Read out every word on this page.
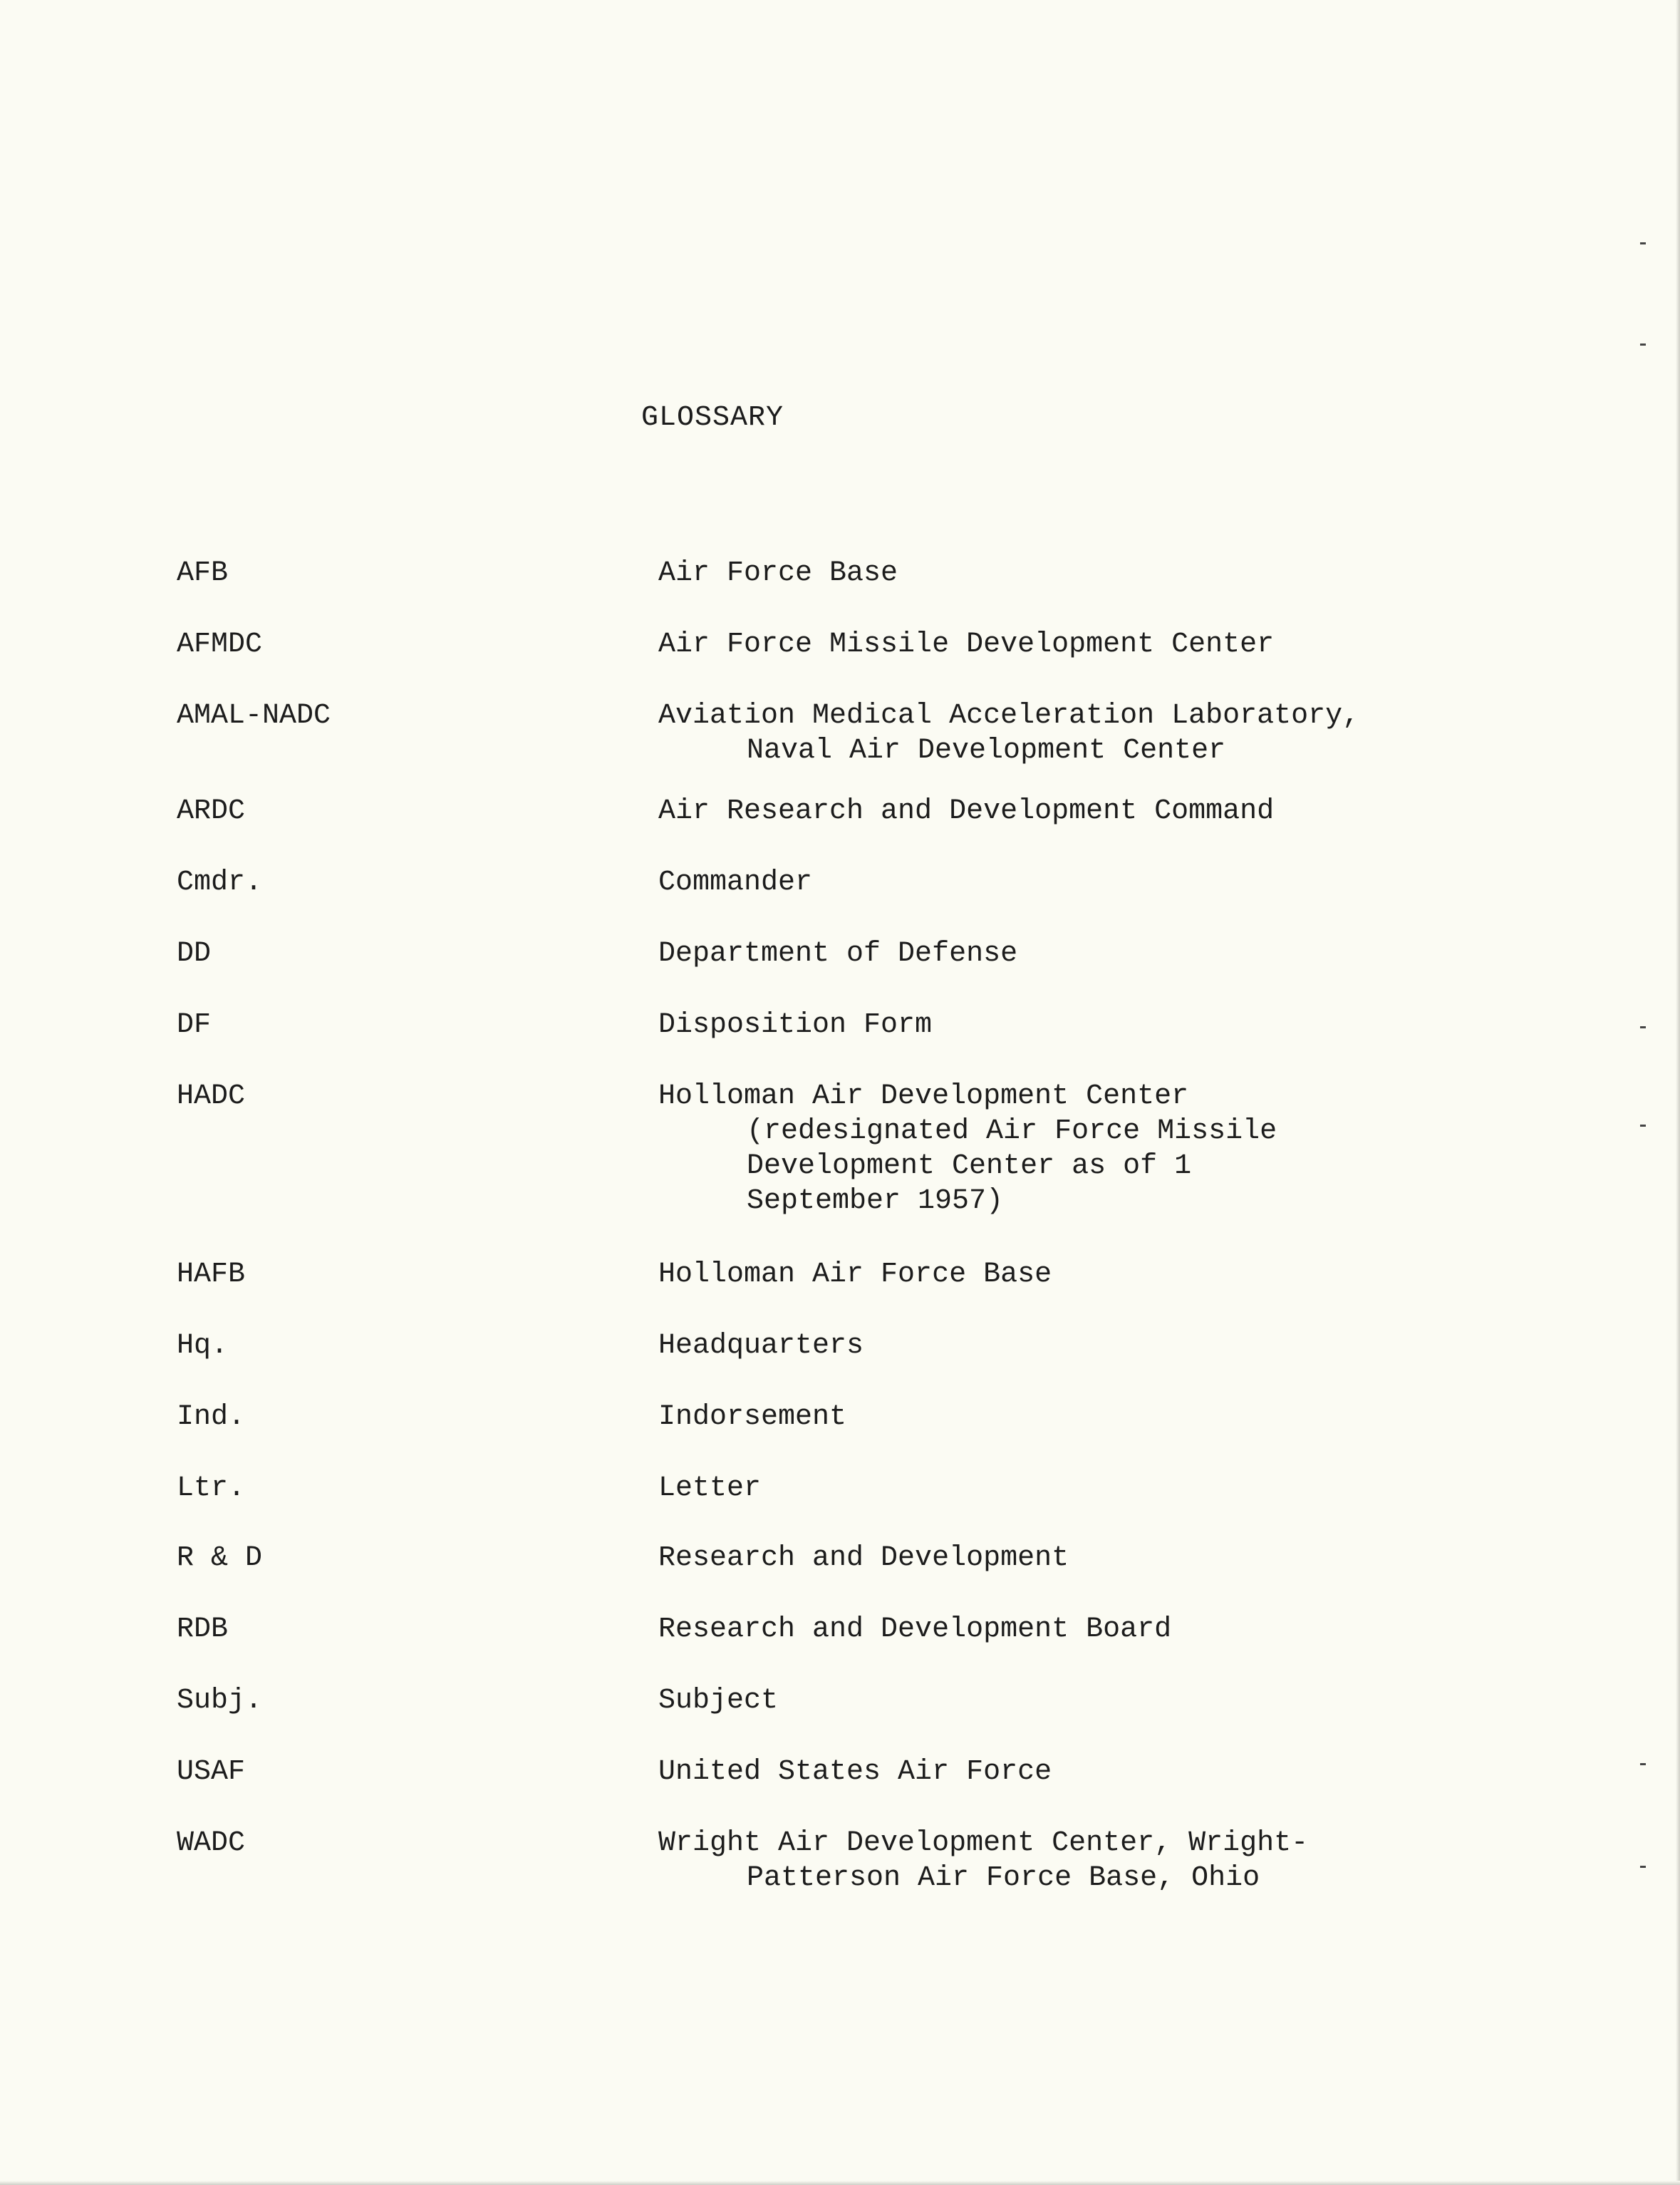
GLOSSARY
AFB	Air Force Base
AFMDC	Air Force Missile Development Center
AMAL-NADC	Aviation Medical Acceleration Laboratory,
Naval Air Development Center
ARDC	Air Research and Development Command
Cmdr.	Commander
DD	Department of Defense
DF	Disposition Form
HADC	Holloman Air Development Center
(redesignated Air Force Missile
Development Center as of 1
September 1957)
HAFB	Holloman Air Force Base
Hq.	Headquarters
Ind.	Indorsement
Ltr.	Letter
R & D	Research and Development
RDB	Research and Development Board
Subj.	Subject
USAF	United States Air Force
WADC	Wright Air Development Center, Wright-
Patterson Air Force Base, Ohio
